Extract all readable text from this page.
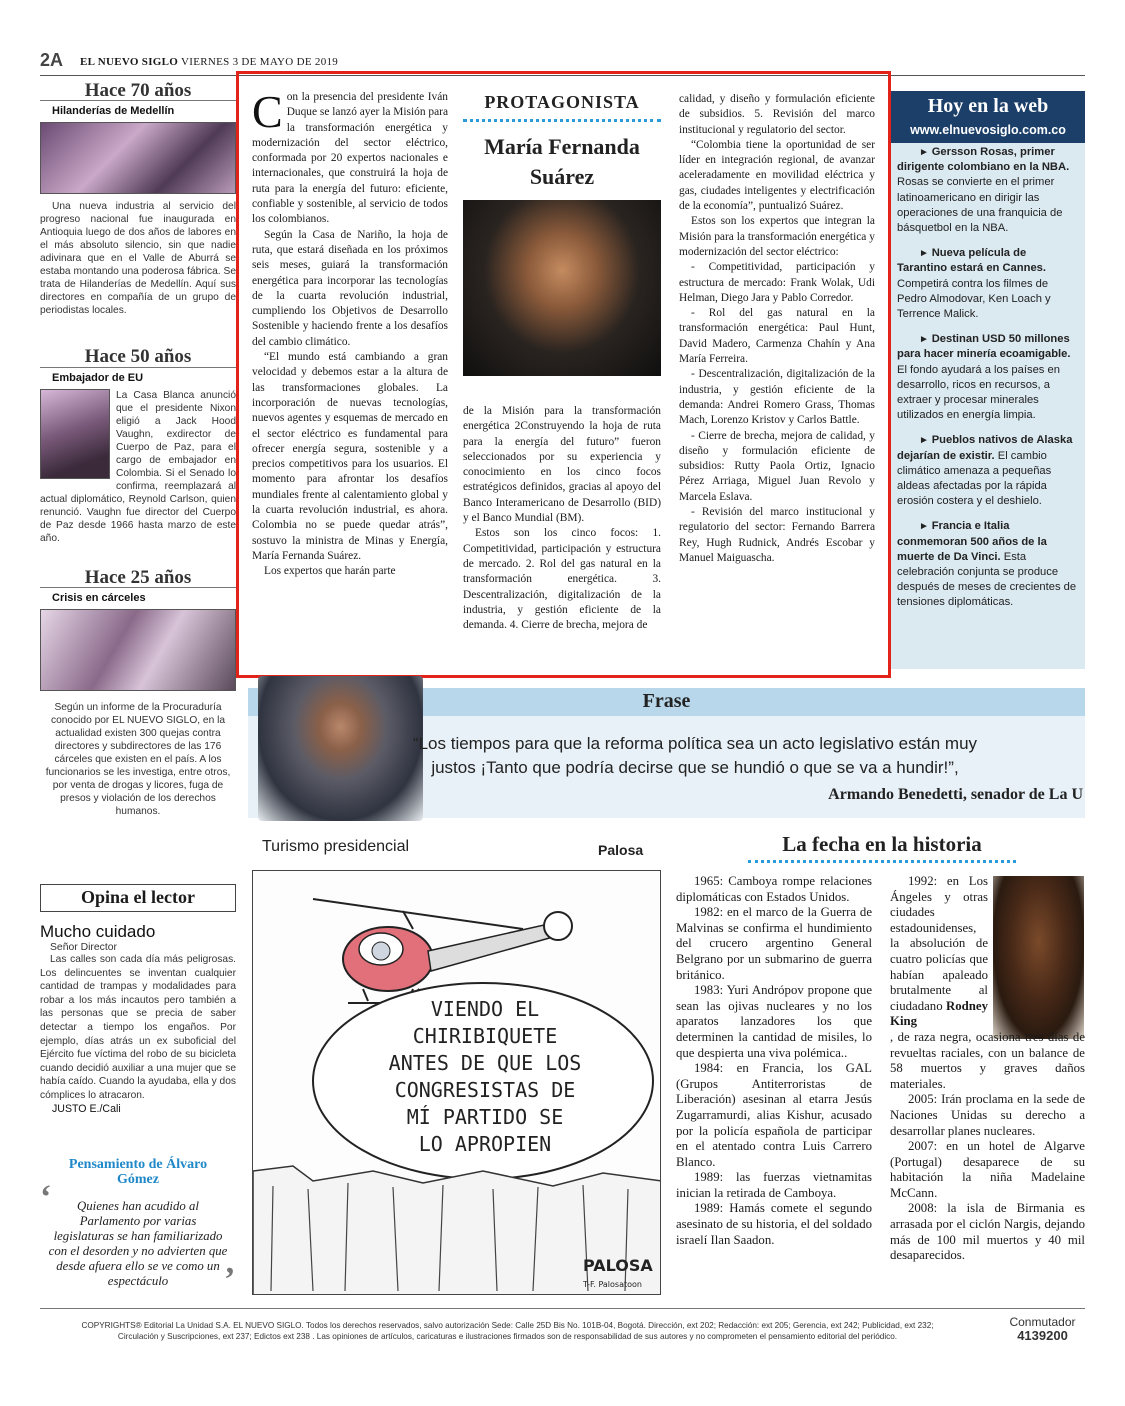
2A EL NUEVO SIGLO VIERNES 3 DE MAYO DE 2019
Hace 70 años
Hilanderías de Medellín

Una nueva industria al servicio del progreso nacional fue inaugurada en Antioquia luego de dos años de labores en el más absoluto silencio, sin que nadie adivinara que en el Valle de Aburrá se estaba montando una poderosa fábrica. Se trata de Hilanderías de Medellín. Aquí sus directores en compañía de un grupo de periodistas locales.

Hace 50 años
Embajador de EU

La Casa Blanca anunció que el presidente Nixon eligió a Jack Hood Vaughn, exdirector de Cuerpo de Paz, para el cargo de embajador en Colombia. Si el Senado lo confirma, reemplazará al actual diplomático, Reynold Carlson, quien renunció. Vaughn fue director del Cuerpo de Paz desde 1966 hasta marzo de este año.

Hace 25 años
Crisis en cárceles

Según un informe de la Procuraduría conocido por EL NUEVO SIGLO, en la actualidad existen 300 quejas contra directores y subdirectores de las 176 cárceles que existen en el país. A los funcionarios se les investiga, entre otros, por venta de drogas y licores, fuga de presos y violación de los derechos humanos.

Opina el lector
Mucho cuidado
Señor Director

Las calles son cada día más peligrosas. Los delincuentes se inventan cualquier cantidad de trampas y modalidades para robar a los más incautos pero también a las personas que se precia de saber detectar a tiempo los engaños. Por ejemplo, días atrás un ex suboficial del Ejército fue víctima del robo de su bicicleta cuando decidió auxiliar a una mujer que se había caído. Cuando la ayudaba, ella y dos cómplices lo atracaron.

JUSTO E./Cali
Pensamiento de Álvaro Gómez
‘	Quienes han acudido al Parlamento por varias legislaturas se han familiarizado con el desorden y no advierten que desde afuera ello se ve como un espectáculo	’

Con la presencia del presidente Iván Duque se lanzó ayer la Misión para la transformación energética y modernización del sector eléctrico, conformada por 20 expertos nacionales e internacionales, que construirá la hoja de ruta para la energía del futuro: eficiente, confiable y sostenible, al servicio de todos los colombianos.

Según la Casa de Nariño, la hoja de ruta, que estará diseñada en los próximos seis meses, guiará la transformación energética para incorporar las tecnologías de la cuarta revolución industrial, cumpliendo los Objetivos de Desarrollo Sostenible y haciendo frente a los desafíos del cambio climático.

“El mundo está cambiando a gran velocidad y debemos estar a la altura de las transformaciones globales. La incorporación de nuevas tecnologías, nuevos agentes y esquemas de mercado en el sector eléctrico es fundamental para ofrecer energía segura, sostenible y a precios competitivos para los usuarios. El momento para afrontar los desafíos mundiales frente al calentamiento global y la cuarta revolución industrial, es ahora. Colombia no se puede quedar atrás”, sostuvo la ministra de Minas y Energía, María Fernanda Suárez.

Los expertos que harán parte

PROTAGONISTA
María Fernanda
Suárez

de la Misión para la transformación energética 2Construyendo la hoja de ruta para la energía del futuro” fueron seleccionados por su experiencia y conocimiento en los cinco focos estratégicos definidos, gracias al apoyo del Banco Interamericano de Desarrollo (BID) y el Banco Mundial (BM).

Estos son los cinco focos: 1. Competitividad, participación y estructura de mercado. 2. Rol del gas natural en la transformación energética. 3. Descentralización, digitalización de la industria, y gestión eficiente de la demanda. 4. Cierre de brecha, mejora de

calidad, y diseño y formulación eficiente de subsidios. 5. Revisión del marco institucional y regulatorio del sector.

“Colombia tiene la oportunidad de ser líder en integración regional, de avanzar aceleradamente en movilidad eléctrica y gas, ciudades inteligentes y electrificación de la economía”, puntualizó Suárez.

Estos son los expertos que integran la Misión para la transformación energética y modernización del sector eléctrico:

- Competitividad, participación y estructura de mercado: Frank Wolak, Udi Helman, Diego Jara y Pablo Corredor.

- Rol del gas natural en la transformación energética: Paul Hunt, David Madero, Carmenza Chahín y Ana María Ferreira.

- Descentralización, digitalización de la industria, y gestión eficiente de la demanda: Andrei Romero Grass, Thomas Mach, Lorenzo Kristov y Carlos Battle.

- Cierre de brecha, mejora de calidad, y diseño y formulación eficiente de subsidios: Rutty Paola Ortiz, Ignacio Pérez Arriaga, Miguel Juan Revolo y Marcela Eslava.

- Revisión del marco institucional y regulatorio del sector: Fernando Barrera Rey, Hugh Rudnick, Andrés Escobar y Manuel Maiguascha.

Hoy en la web
www.elnuevosiglo.com.co
► Gersson Rosas, primer dirigente colombiano en la NBA. Rosas se convierte en el primer latinoamericano en dirigir las operaciones de una franquicia de básquetbol en la NBA.
► Nueva película de Tarantino estará en Cannes. Competirá contra los filmes de Pedro Almodovar, Ken Loach y Terrence Malick.
► Destinan USD 50 millones para hacer minería ecoamigable. El fondo ayudará a los países en desarrollo, ricos en recursos, a extraer y procesar minerales utilizados en energía limpia.
► Pueblos nativos de Alaska dejarían de existir. El cambio climático amenaza a pequeñas aldeas afectadas por la rápida erosión costera y el deshielo.
► Francia e Italia conmemoran 500 años de la muerte de Da Vinci. Esta celebración conjunta se produce después de meses de crecientes de tensiones diplomáticas.
Frase
“Los tiempos para que la reforma política sea un acto legislativo están muy justos ¡Tanto que podría decirse que se hundió o que se va a hundir!”,
Armando Benedetti, senador de La U
Turismo presidencial	Palosa
VIENDO EL
CHIRIBIQUETE
ANTES DE QUE LOS
CONGRESISTAS DE
MÍ PARTIDO SE
LO APROPIEN
PALOSA
T-F. Palosatoon
La fecha en la historia

1965: Camboya rompe relaciones diplomáticas con Estados Unidos.

1982: en el marco de la Guerra de Malvinas se confirma el hundimiento del crucero argentino General Belgrano por un submarino de guerra británico.

1983: Yuri Andrópov propone que sean las ojivas nucleares y no los aparatos lanzadores los que determinen la cantidad de misiles, lo que despierta una viva polémica..

1984: en Francia, los GAL (Grupos Antiterroristas de Liberación) asesinan al etarra Jesús Zugarramurdi, alias Kishur, acusado por la policía española de participar en el atentado contra Luis Carrero Blanco.

1989: las fuerzas vietnamitas inician la retirada de Camboya.

1989: Hamás comete el segundo asesinato de su historia, el del soldado israelí Ilan Saadon.

1992: en Los Ángeles y otras ciudades estadounidenses, la absolución de cuatro policías que habían apaleado brutalmente al ciudadano Rodney King

, de raza negra, ocasiona tres días de revueltas raciales, con un balance de 58 muertos y graves daños materiales.

2005: Irán proclama en la sede de Naciones Unidas su derecho a desarrollar planes nucleares.

2007: en un hotel de Algarve (Portugal) desaparece de su habitación la niña Madelaine McCann.

2008: la isla de Birmania es arrasada por el ciclón Nargis, dejando más de 100 mil muertos y 40 mil desaparecidos.

COPYRIGHTS® Editorial La Unidad S.A. EL NUEVO SIGLO. Todos los derechos reservados, salvo autorización Sede: Calle 25D Bis No. 101B-04, Bogotá. Dirección, ext 202; Redacción: ext 205; Gerencia, ext 242; Publicidad, ext 232;
Circulación y Suscripciones, ext 237; Edictos ext 238 . Las opiniones de artículos, caricaturas e ilustraciones firmados son de responsabilidad de sus autores y no comprometen el pensamiento editorial del periódico.
Conmutador
4139200
